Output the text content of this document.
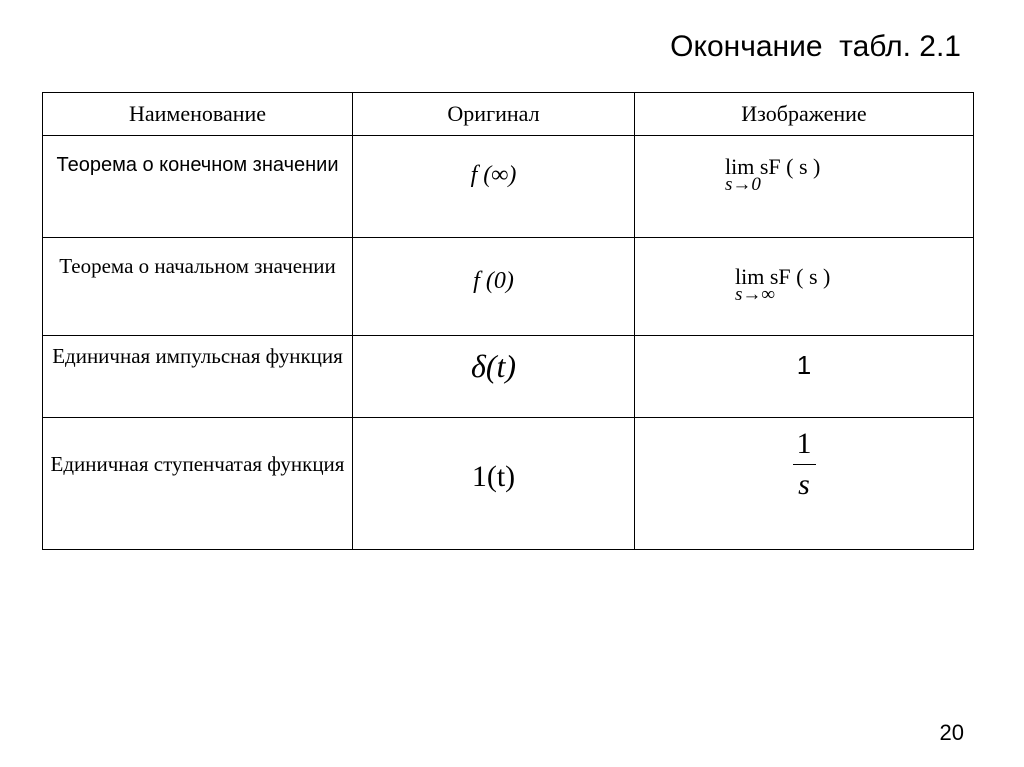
Окончание  табл. 2.1
Наименование	Оригинал	Изображение

Теорема о конечном значении	f (∞)	lim sF ( s )
s→0

Теорема о начальном значении	f (0)	lim sF ( s )
s→∞

Единичная импульсная функция	δ(t)	1

Единичная ступенчатая функция	1(t)	$\frac{1}{s}$
20
